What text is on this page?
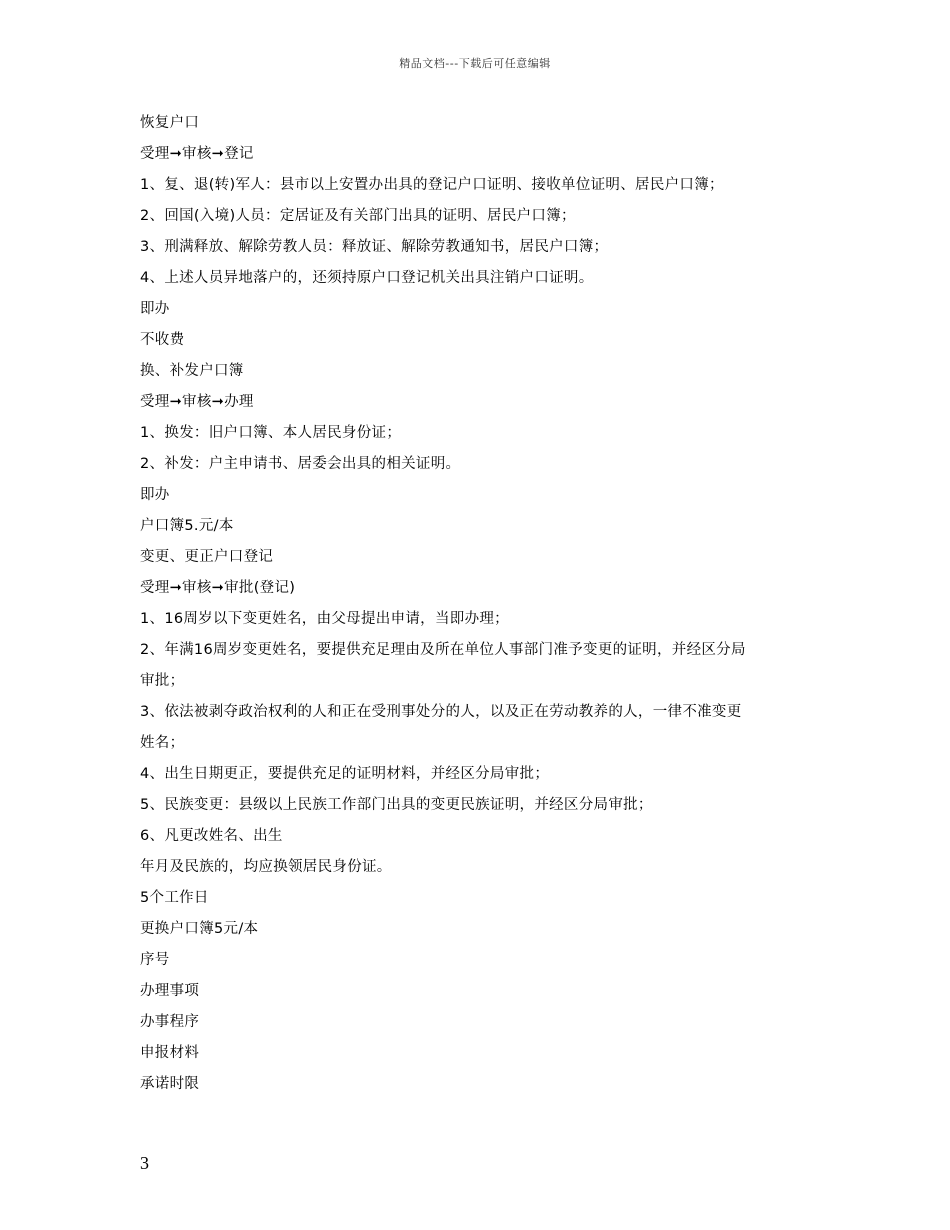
精品文档---下载后可任意编辑
恢复户口
受理➞审核➞登记
1、复、退(转)军人：县市以上安置办出具的登记户口证明、接收单位证明、居民户口簿；
2、回国(入境)人员：定居证及有关部门出具的证明、居民户口簿；
3、刑满释放、解除劳教人员：释放证、解除劳教通知书，居民户口簿；
4、上述人员异地落户的，还须持原户口登记机关出具注销户口证明。
即办
不收费
换、补发户口簿
受理➞审核➞办理
1、换发：旧户口簿、本人居民身份证；
2、补发：户主申请书、居委会出具的相关证明。
即办
户口簿5.元/本
变更、更正户口登记
受理➞审核➞审批(登记)
1、16周岁以下变更姓名，由父母提出申请，当即办理；
2、年满16周岁变更姓名，要提供充足理由及所在单位人事部门准予变更的证明，并经区分局
审批；
3、依法被剥夺政治权利的人和正在受刑事处分的人，以及正在劳动教养的人，一律不准变更
姓名；
4、出生日期更正，要提供充足的证明材料，并经区分局审批；
5、民族变更：县级以上民族工作部门出具的变更民族证明，并经区分局审批；
6、凡更改姓名、出生
年月及民族的，均应换领居民身份证。
5个工作日
更换户口簿5元/本
序号
办理事项
办事程序
申报材料
承诺时限
3
